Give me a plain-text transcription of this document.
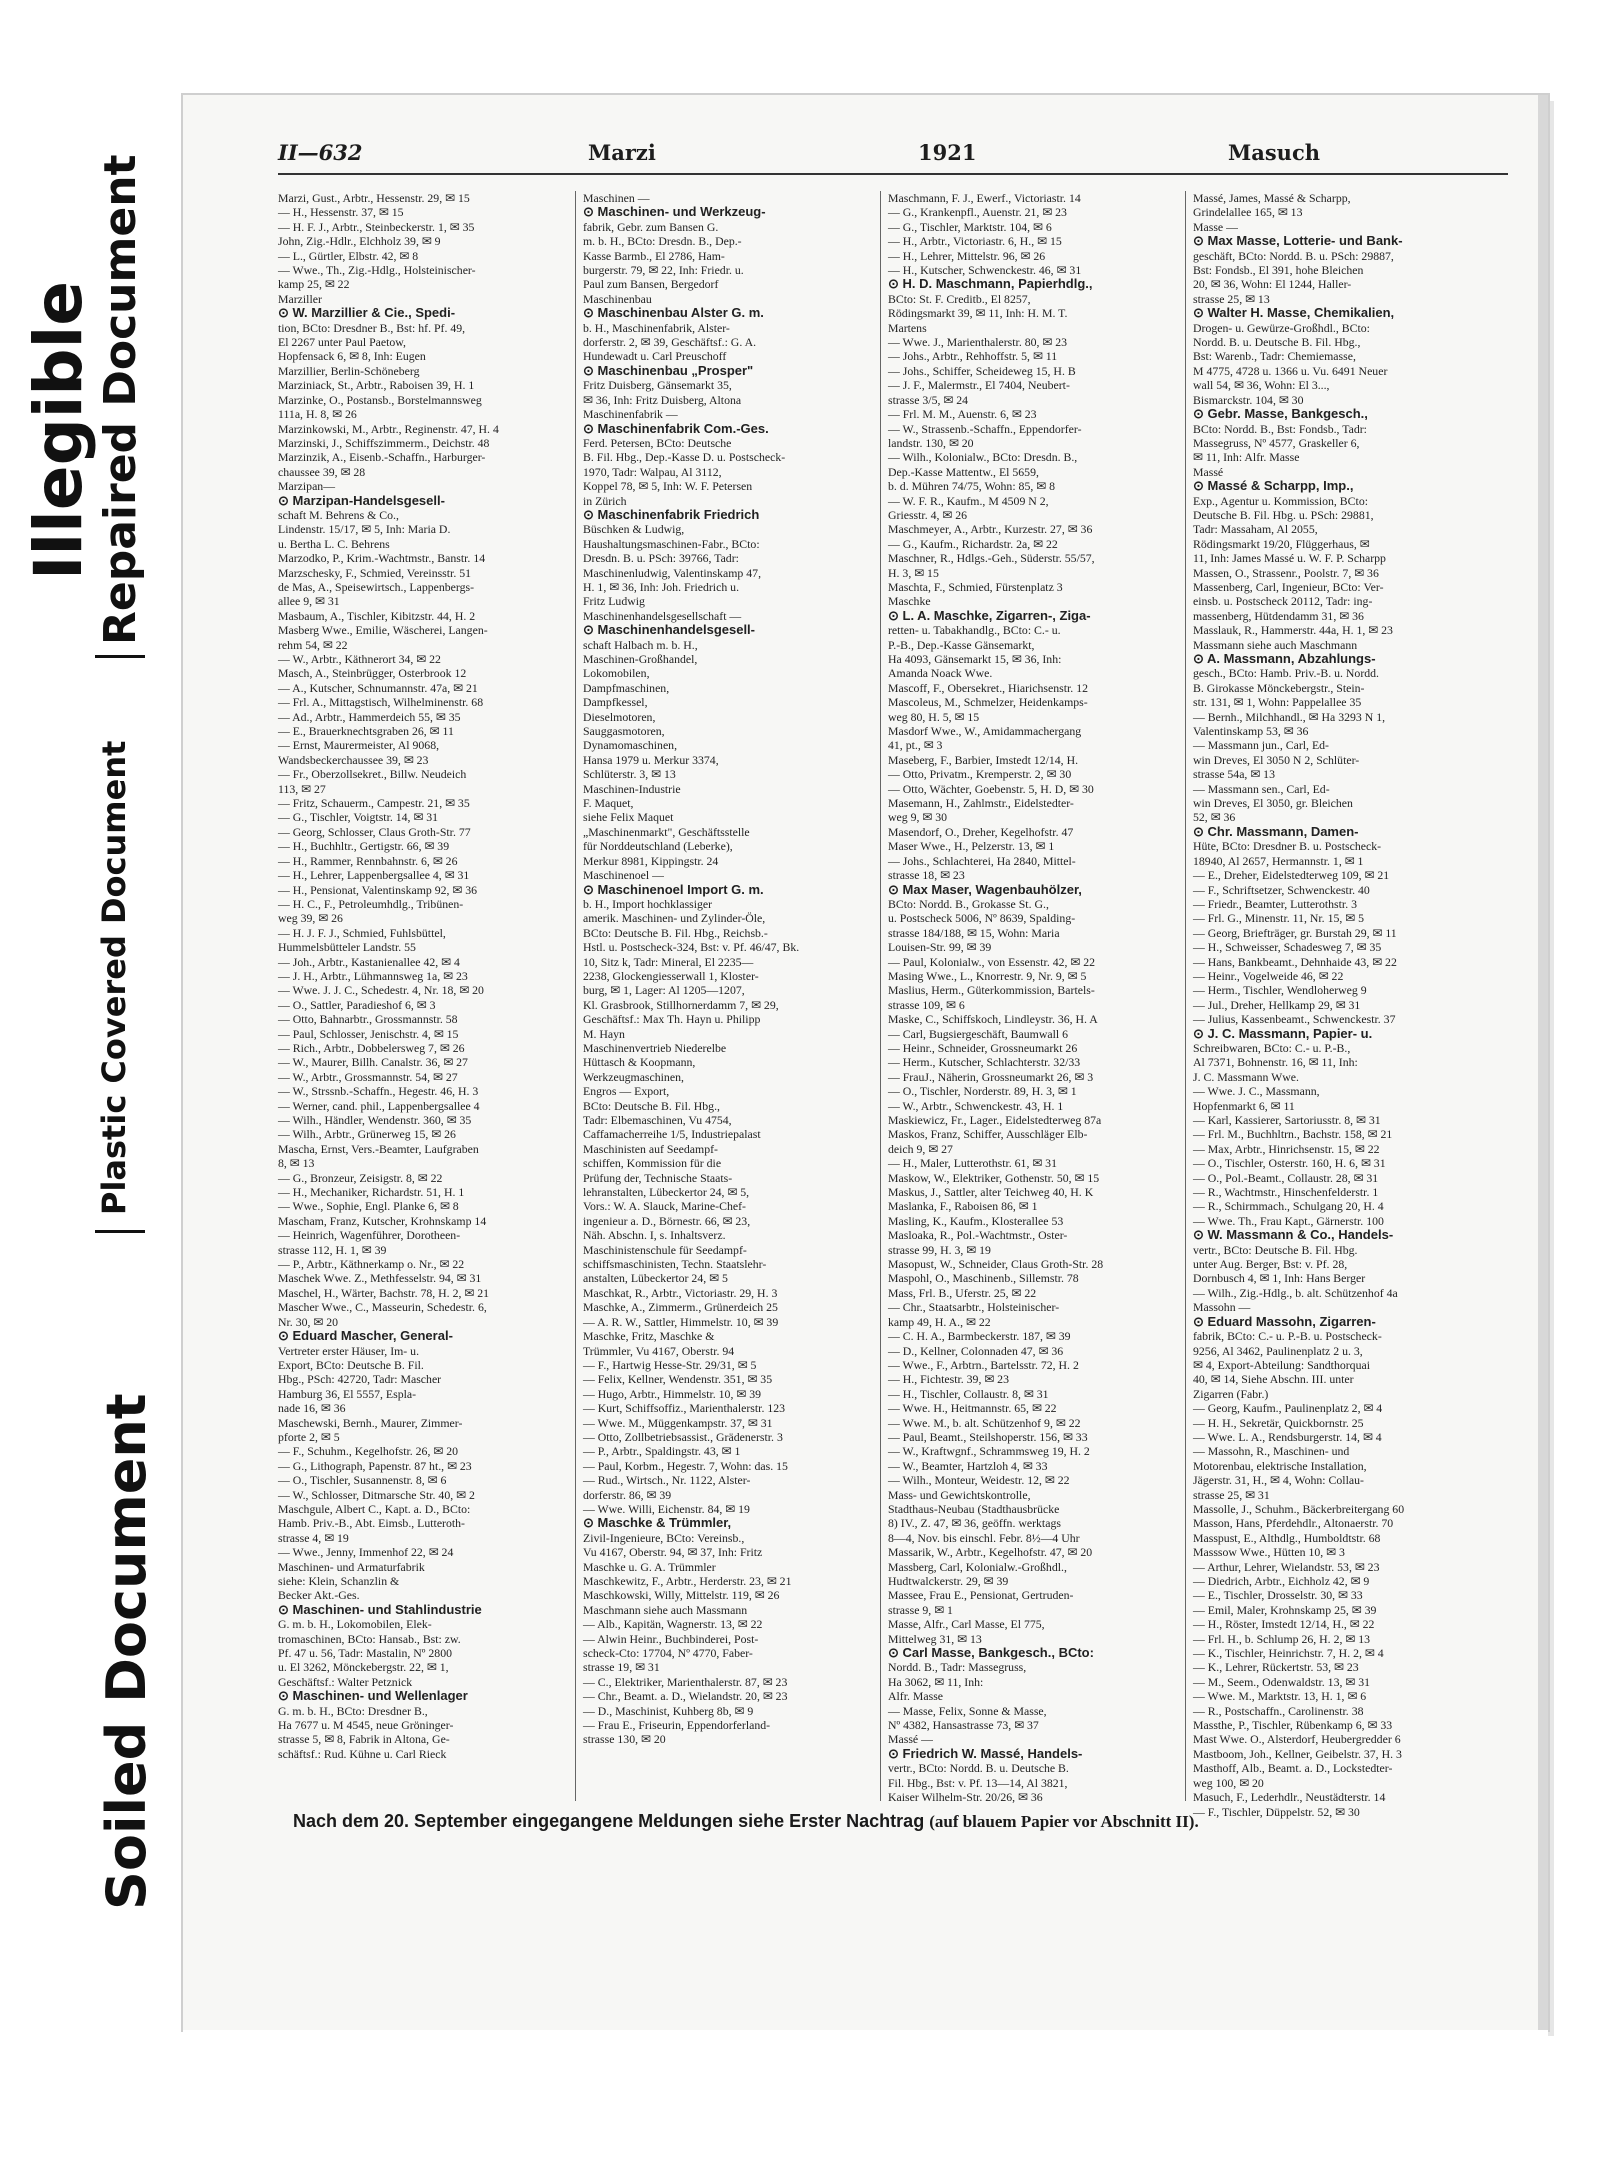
Illegible
Repaired Document
Plastic Covered Document
Soiled Document
II—632	Marzi	1921	Masuch
Marzi, Gust., Arbtr., Hessenstr. 29, ✉ 15
— H., Hessenstr. 37, ✉ 15
— H. F. J., Arbtr., Steinbeckerstr. 1, ✉ 35
John, Zig.-Hdlr., Elchholz 39, ✉ 9
— L., Gürtler, Elbstr. 42, ✉ 8
— Wwe., Th., Zig.-Hdlg., Holsteinischer-
kamp 25, ✉ 22
Marziller
⊙ W. Marzillier & Cie., Spedi-
tion, BCto: Dresdner B., Bst: hf. Pf. 49,
El 2267 unter Paul Paetow,
Hopfensack 6, ✉ 8, Inh: Eugen
Marzillier, Berlin-Schöneberg
Marziniack, St., Arbtr., Raboisen 39, H. 1
Marzinke, O., Postansb., Borstelmannsweg
111a, H. 8, ✉ 26
Marzinkowski, M., Arbtr., Reginenstr. 47, H. 4
Marzinski, J., Schiffszimmerm., Deichstr. 48
Marzinzik, A., Eisenb.-Schaffn., Harburger-
chaussee 39, ✉ 28
Marzipan—
⊙ Marzipan-Handelsgesell-
schaft M. Behrens & Co.,
Lindenstr. 15/17, ✉ 5, Inh: Maria D.
u. Bertha L. C. Behrens
Marzodko, P., Krim.-Wachtmstr., Banstr. 14
Marzschesky, F., Schmied, Vereinsstr. 51
de Mas, A., Speisewirtsch., Lappenbergs-
allee 9, ✉ 31
Masbaum, A., Tischler, Kibitzstr. 44, H. 2
Masberg Wwe., Emilie, Wäscherei, Langen-
rehm 54, ✉ 22
— W., Arbtr., Käthnerort 34, ✉ 22
Masch, A., Steinbrügger, Osterbrook 12
— A., Kutscher, Schnumannstr. 47a, ✉ 21
— Frl. A., Mittagstisch, Wilhelminenstr. 68
— Ad., Arbtr., Hammerdeich 55, ✉ 35
— E., Brauerknechtsgraben 26, ✉ 11
— Ernst, Maurermeister, Al 9068,
Wandsbeckerchaussee 39, ✉ 23
— Fr., Oberzollsekret., Billw. Neudeich
113, ✉ 27
— Fritz, Schauerm., Campestr. 21, ✉ 35
— G., Tischler, Voigtstr. 14, ✉ 31
— Georg, Schlosser, Claus Groth-Str. 77
— H., Buchhltr., Gertigstr. 66, ✉ 39
— H., Rammer, Rennbahnstr. 6, ✉ 26
— H., Lehrer, Lappenbergsallee 4, ✉ 31
— H., Pensionat, Valentinskamp 92, ✉ 36
— H. C., F., Petroleumhdlg., Tribünen-
weg 39, ✉ 26
— H. J. F. J., Schmied, Fuhlsbüttel,
Hummelsbütteler Landstr. 55
— Joh., Arbtr., Kastanienallee 42, ✉ 4
— J. H., Arbtr., Lühmannsweg 1a, ✉ 23
— Wwe. J. J. C., Schedestr. 4, Nr. 18, ✉ 20
— O., Sattler, Paradieshof 6, ✉ 3
— Otto, Bahnarbtr., Grossmannstr. 58
— Paul, Schlosser, Jenischstr. 4, ✉ 15
— Rich., Arbtr., Dobbelersweg 7, ✉ 26
— W., Maurer, Billh. Canalstr. 36, ✉ 27
— W., Arbtr., Grossmannstr. 54, ✉ 27
— W., Strssnb.-Schaffn., Hegestr. 46, H. 3
— Werner, cand. phil., Lappenbergsallee 4
— Wilh., Händler, Wendenstr. 360, ✉ 35
— Wilh., Arbtr., Grünerweg 15, ✉ 26
Mascha, Ernst, Vers.-Beamter, Laufgraben
8, ✉ 13
— G., Bronzeur, Zeisigstr. 8, ✉ 22
— H., Mechaniker, Richardstr. 51, H. 1
— Wwe., Sophie, Engl. Planke 6, ✉ 8
Mascham, Franz, Kutscher, Krohnskamp 14
— Heinrich, Wagenführer, Dorotheen-
strasse 112, H. 1, ✉ 39
— P., Arbtr., Käthnerkamp o. Nr., ✉ 22
Maschek Wwe. Z., Methfesselstr. 94, ✉ 31
Maschel, H., Wärter, Bachstr. 78, H. 2, ✉ 21
Mascher Wwe., C., Masseurin, Schedestr. 6,
Nr. 30, ✉ 20
⊙ Eduard Mascher, General-
Vertreter erster Häuser, Im- u.
Export, BCto: Deutsche B. Fil.
Hbg., PSch: 42720, Tadr: Mascher
Hamburg 36, El 5557, Espla-
nade 16, ✉ 36
Maschewski, Bernh., Maurer, Zimmer-
pforte 2, ✉ 5
— F., Schuhm., Kegelhofstr. 26, ✉ 20
— G., Lithograph, Papenstr. 87 ht., ✉ 23
— O., Tischler, Susannenstr. 8, ✉ 6
— W., Schlosser, Ditmarsche Str. 40, ✉ 2
Maschgule, Albert C., Kapt. a. D., BCto:
Hamb. Priv.-B., Abt. Eimsb., Lutteroth-
strasse 4, ✉ 19
— Wwe., Jenny, Immenhof 22, ✉ 24
Maschinen- und Armaturfabrik
siehe: Klein, Schanzlin &
Becker Akt.-Ges.
⊙ Maschinen- und Stahlindustrie
G. m. b. H., Lokomobilen, Elek-
tromaschinen, BCto: Hansab., Bst: zw.
Pf. 47 u. 56, Tadr: Mastalin, Nº 2800
u. El 3262, Mönckebergstr. 22, ✉ 1,
Geschäftsf.: Walter Petznick
⊙ Maschinen- und Wellenlager
G. m. b. H., BCto: Dresdner B.,
Ha 7677 u. M 4545, neue Gröninger-
strasse 5, ✉ 8, Fabrik in Altona, Ge-
schäftsf.: Rud. Kühne u. Carl Rieck
Maschinen —
⊙ Maschinen- und Werkzeug-
fabrik, Gebr. zum Bansen G.
m. b. H., BCto: Dresdn. B., Dep.-
Kasse Barmb., El 2786, Ham-
burgerstr. 79, ✉ 22, Inh: Friedr. u.
Paul zum Bansen, Bergedorf
Maschinenbau
⊙ Maschinenbau Alster G. m.
b. H., Maschinenfabrik, Alster-
dorferstr. 2, ✉ 39, Geschäftsf.: G. A.
Hundewadt u. Carl Preuschoff
⊙ Maschinenbau „Prosper"
Fritz Duisberg, Gänsemarkt 35,
✉ 36, Inh: Fritz Duisberg, Altona
Maschinenfabrik —
⊙ Maschinenfabrik Com.-Ges.
Ferd. Petersen, BCto: Deutsche
B. Fil. Hbg., Dep.-Kasse D. u. Postscheck-
1970, Tadr: Walpau, Al 3112,
Koppel 78, ✉ 5, Inh: W. F. Petersen
in Zürich
⊙ Maschinenfabrik Friedrich
Büschken & Ludwig,
Haushaltungsmaschinen-Fabr., BCto:
Dresdn. B. u. PSch: 39766, Tadr:
Maschinenludwig, Valentinskamp 47,
H. 1, ✉ 36, Inh: Joh. Friedrich u.
Fritz Ludwig
Maschinenhandelsgesellschaft —
⊙ Maschinenhandelsgesell-
schaft Halbach m. b. H.,
Maschinen-Großhandel,
Lokomobilen,
Dampfmaschinen,
Dampfkessel,
Dieselmotoren,
Sauggasmotoren,
Dynamomaschinen,
Hansa 1979 u. Merkur 3374,
Schlüterstr. 3, ✉ 13
Maschinen-Industrie
F. Maquet,
siehe Felix Maquet
„Maschinenmarkt", Geschäftsstelle
für Norddeutschland (Leberke),
Merkur 8981, Kippingstr. 24
Maschinenoel —
⊙ Maschinenoel Import G. m.
b. H., Import hochklassiger
amerik. Maschinen- und Zylinder-Öle,
BCto: Deutsche B. Fil. Hbg., Reichsb.-
Hstl. u. Postscheck-324, Bst: v. Pf. 46/47, Bk.
10, Sitz k, Tadr: Mineral, El 2235—
2238, Glockengiesserwall 1, Kloster-
burg, ✉ 1, Lager: Al 1205—1207,
Kl. Grasbrook, Stillhornerdamm 7, ✉ 29,
Geschäftsf.: Max Th. Hayn u. Philipp
M. Hayn
Maschinenvertrieb Niederelbe
Hüttasch & Koopmann,
Werkzeugmaschinen,
Engros — Export,
BCto: Deutsche B. Fil. Hbg.,
Tadr: Elbemaschinen, Vu 4754,
Caffamacherreihe 1/5, Industriepalast
Maschinisten auf Seedampf-
schiffen, Kommission für die
Prüfung der, Technische Staats-
lehranstalten, Lübeckertor 24, ✉ 5,
Vors.: W. A. Slauck, Marine-Chef-
ingenieur a. D., Börnestr. 66, ✉ 23,
Näh. Abschn. I, s. Inhaltsverz.
Maschinistenschule für Seedampf-
schiffsmaschinisten, Techn. Staatslehr-
anstalten, Lübeckertor 24, ✉ 5
Maschkat, R., Arbtr., Victoriastr. 29, H. 3
Maschke, A., Zimmerm., Grünerdeich 25
— A. R. W., Sattler, Himmelstr. 10, ✉ 39
Maschke, Fritz, Maschke &
Trümmler, Vu 4167, Oberstr. 94
— F., Hartwig Hesse-Str. 29/31, ✉ 5
— Felix, Kellner, Wendenstr. 351, ✉ 35
— Hugo, Arbtr., Himmelstr. 10, ✉ 39
— Kurt, Schiffsoffiz., Marienthalerstr. 123
— Wwe. M., Müggenkampstr. 37, ✉ 31
— Otto, Zollbetriebsassist., Grädenerstr. 3
— P., Arbtr., Spaldingstr. 43, ✉ 1
— Paul, Korbm., Hegestr. 7, Wohn: das. 15
— Rud., Wirtsch., Nr. 1122, Alster-
dorferstr. 86, ✉ 39
— Wwe. Willi, Eichenstr. 84, ✉ 19
⊙ Maschke & Trümmler,
Zivil-Ingenieure, BCto: Vereinsb.,
Vu 4167, Oberstr. 94, ✉ 37, Inh: Fritz
Maschke u. G. A. Trümmler
Maschkewitz, F., Arbtr., Herderstr. 23, ✉ 21
Maschkowski, Willy, Mittelstr. 119, ✉ 26
Maschmann siehe auch Massmann
— Alb., Kapitän, Wagnerstr. 13, ✉ 22
— Alwin Heinr., Buchbinderei, Post-
scheck-Cto: 17704, Nº 4770, Faber-
strasse 19, ✉ 31
— C., Elektriker, Marienthalerstr. 87, ✉ 23
— Chr., Beamt. a. D., Wielandstr. 20, ✉ 23
— D., Maschinist, Kuhberg 8b, ✉ 9
— Frau E., Friseurin, Eppendorferland-
strasse 130, ✉ 20
Maschmann, F. J., Ewerf., Victoriastr. 14
— G., Krankenpfl., Auenstr. 21, ✉ 23
— G., Tischler, Marktstr. 104, ✉ 6
— H., Arbtr., Victoriastr. 6, H., ✉ 15
— H., Lehrer, Mittelstr. 96, ✉ 26
— H., Kutscher, Schwenckestr. 46, ✉ 31
⊙ H. D. Maschmann, Papierhdlg.,
BCto: St. F. Creditb., El 8257,
Rödingsmarkt 39, ✉ 11, Inh: H. M. T.
Martens
— Wwe. J., Marienthalerstr. 80, ✉ 23
— Johs., Arbtr., Rehhoffstr. 5, ✉ 11
— Johs., Schiffer, Scheideweg 15, H. B
— J. F., Malermstr., El 7404, Neubert-
strasse 3/5, ✉ 24
— Frl. M. M., Auenstr. 6, ✉ 23
— W., Strassenb.-Schaffn., Eppendorfer-
landstr. 130, ✉ 20
— Wilh., Kolonialw., BCto: Dresdn. B.,
Dep.-Kasse Mattentw., El 5659,
b. d. Mühren 74/75, Wohn: 85, ✉ 8
— W. F. R., Kaufm., M 4509 N 2,
Griesstr. 4, ✉ 26
Maschmeyer, A., Arbtr., Kurzestr. 27, ✉ 36
— G., Kaufm., Richardstr. 2a, ✉ 22
Maschner, R., Hdlgs.-Geh., Süderstr. 55/57,
H. 3, ✉ 15
Maschta, F., Schmied, Fürstenplatz 3
Maschke
⊙ L. A. Maschke, Zigarren-, Ziga-
retten- u. Tabakhandlg., BCto: C.- u.
P.-B., Dep.-Kasse Gänsemarkt,
Ha 4093, Gänsemarkt 15, ✉ 36, Inh:
Amanda Noack Wwe.
Mascoff, F., Obersekret., Hiarichsenstr. 12
Mascoleus, M., Schmelzer, Heidenkamps-
weg 80, H. 5, ✉ 15
Masdorf Wwe., W., Amidammachergang
41, pt., ✉ 3
Maseberg, F., Barbier, Imstedt 12/14, H.
— Otto, Privatm., Kremperstr. 2, ✉ 30
— Otto, Wächter, Goebenstr. 5, H. D, ✉ 30
Masemann, H., Zahlmstr., Eidelstedter-
weg 9, ✉ 30
Masendorf, O., Dreher, Kegelhofstr. 47
Maser Wwe., H., Pelzerstr. 13, ✉ 1
— Johs., Schlachterei, Ha 2840, Mittel-
strasse 18, ✉ 23
⊙ Max Maser, Wagenbauhölzer,
BCto: Nordd. B., Grokasse St. G.,
u. Postscheck 5006, Nº 8639, Spalding-
strasse 184/188, ✉ 15, Wohn: Maria
Louisen-Str. 99, ✉ 39
— Paul, Kolonialw., von Essenstr. 42, ✉ 22
Masing Wwe., L., Knorrestr. 9, Nr. 9, ✉ 5
Maslius, Herm., Güterkommission, Bartels-
strasse 109, ✉ 6
Maske, C., Schiffskoch, Lindleystr. 36, H. A
— Carl, Bugsiergeschäft, Baumwall 6
— Heinr., Schneider, Grossneumarkt 26
— Herm., Kutscher, Schlachterstr. 32/33
— FrauJ., Näherin, Grossneumarkt 26, ✉ 3
— O., Tischler, Norderstr. 89, H. 3, ✉ 1
— W., Arbtr., Schwenckestr. 43, H. 1
Maskiewicz, Fr., Lager., Eidelstedterweg 87a
Maskos, Franz, Schiffer, Ausschläger Elb-
deich 9, ✉ 27
— H., Maler, Lutterothstr. 61, ✉ 31
Maskow, W., Elektriker, Gothenstr. 50, ✉ 15
Maskus, J., Sattler, alter Teichweg 40, H. K
Maslanka, F., Raboisen 86, ✉ 1
Masling, K., Kaufm., Klosterallee 53
Masloaka, R., Pol.-Wachtmstr., Oster-
strasse 99, H. 3, ✉ 19
Masopust, W., Schneider, Claus Groth-Str. 28
Maspohl, O., Maschinenb., Sillemstr. 78
Mass, Frl. B., Uferstr. 25, ✉ 22
— Chr., Staatsarbtr., Holsteinischer-
kamp 49, H. A., ✉ 22
— C. H. A., Barmbeckerstr. 187, ✉ 39
— D., Kellner, Colonnaden 47, ✉ 36
— Wwe., F., Arbtrn., Bartelsstr. 72, H. 2
— H., Fichtestr. 39, ✉ 23
— H., Tischler, Collaustr. 8, ✉ 31
— Wwe. H., Heitmannstr. 65, ✉ 22
— Wwe. M., b. alt. Schützenhof 9, ✉ 22
— Paul, Beamt., Steilshoperstr. 156, ✉ 33
— W., Kraftwgnf., Schrammsweg 19, H. 2
— W., Beamter, Hartzloh 4, ✉ 33
— Wilh., Monteur, Weidestr. 12, ✉ 22
Mass- und Gewichtskontrolle,
Stadthaus-Neubau (Stadthausbrücke
8) IV., Z. 47, ✉ 36, geöffn. werktags
8—4, Nov. bis einschl. Febr. 8½—4 Uhr
Massarik, W., Arbtr., Kegelhofstr. 47, ✉ 20
Massberg, Carl, Kolonialw.-Großhdl.,
Hudtwalckerstr. 29, ✉ 39
Massee, Frau E., Pensionat, Gertruden-
strasse 9, ✉ 1
Masse, Alfr., Carl Masse, El 775,
Mittelweg 31, ✉ 13
⊙ Carl Masse, Bankgesch., BCto:
Nordd. B., Tadr: Massegruss,
Ha 3062, ✉ 11, Inh:
Alfr. Masse
— Masse, Felix, Sonne & Masse,
Nº 4382, Hansastrasse 73, ✉ 37
Massé —
⊙ Friedrich W. Massé, Handels-
vertr., BCto: Nordd. B. u. Deutsche B.
Fil. Hbg., Bst: v. Pf. 13—14, Al 3821,
Kaiser Wilhelm-Str. 20/26, ✉ 36
Massé, James, Massé & Scharpp,
Grindelallee 165, ✉ 13
Masse —
⊙ Max Masse, Lotterie- und Bank-
geschäft, BCto: Nordd. B. u. PSch: 29887,
Bst: Fondsb., El 391, hohe Bleichen
20, ✉ 36, Wohn: El 1244, Haller-
strasse 25, ✉ 13
⊙ Walter H. Masse, Chemikalien,
Drogen- u. Gewürze-Großhdl., BCto:
Nordd. B. u. Deutsche B. Fil. Hbg.,
Bst: Warenb., Tadr: Chemiemasse,
M 4775, 4728 u. 1366 u. Vu. 6491 Neuer
wall 54, ✉ 36, Wohn: El 3...,
Bismarckstr. 104, ✉ 30
⊙ Gebr. Masse, Bankgesch.,
BCto: Nordd. B., Bst: Fondsb., Tadr:
Massegruss, Nº 4577, Graskeller 6,
✉ 11, Inh: Alfr. Masse
Massé
⊙ Massé & Scharpp, Imp.,
Exp., Agentur u. Kommission, BCto:
Deutsche B. Fil. Hbg. u. PSch: 29881,
Tadr: Massaham, Al 2055,
Rödingsmarkt 19/20, Flüggerhaus, ✉
11, Inh: James Massé u. W. F. P. Scharpp
Massen, O., Strassenr., Poolstr. 7, ✉ 36
Massenberg, Carl, Ingenieur, BCto: Ver-
einsb. u. Postscheck 20112, Tadr: ing-
massenberg, Hütdendamm 31, ✉ 36
Masslauk, R., Hammerstr. 44a, H. 1, ✉ 23
Massmann siehe auch Maschmann
⊙ A. Massmann, Abzahlungs-
gesch., BCto: Hamb. Priv.-B. u. Nordd.
B. Girokasse Mönckebergstr., Stein-
str. 131, ✉ 1, Wohn: Pappelallee 35
— Bernh., Milchhandl., ✉ Ha 3293 N 1,
Valentinskamp 53, ✉ 36
— Massmann jun., Carl, Ed-
win Dreves, El 3050 N 2, Schlüter-
strasse 54a, ✉ 13
— Massmann sen., Carl, Ed-
win Dreves, El 3050, gr. Bleichen
52, ✉ 36
⊙ Chr. Massmann, Damen-
Hüte, BCto: Dresdner B. u. Postscheck-
18940, Al 2657, Hermannstr. 1, ✉ 1
— E., Dreher, Eidelstedterweg 109, ✉ 21
— F., Schriftsetzer, Schwenckestr. 40
— Friedr., Beamter, Lutterothstr. 3
— Frl. G., Minenstr. 11, Nr. 15, ✉ 5
— Georg, Briefträger, gr. Burstah 29, ✉ 11
— H., Schweisser, Schadesweg 7, ✉ 35
— Hans, Bankbeamt., Dehnhaide 43, ✉ 22
— Heinr., Vogelweide 46, ✉ 22
— Herm., Tischler, Wendloherweg 9
— Jul., Dreher, Hellkamp 29, ✉ 31
— Julius, Kassenbeamt., Schwenckestr. 37
⊙ J. C. Massmann, Papier- u.
Schreibwaren, BCto: C.- u. P.-B.,
Al 7371, Bohnenstr. 16, ✉ 11, Inh:
J. C. Massmann Wwe.
— Wwe. J. C., Massmann,
Hopfenmarkt 6, ✉ 11
— Karl, Kassierer, Sartoriusstr. 8, ✉ 31
— Frl. M., Buchhltrn., Bachstr. 158, ✉ 21
— Max, Arbtr., Hinrichsenstr. 15, ✉ 22
— O., Tischler, Osterstr. 160, H. 6, ✉ 31
— O., Pol.-Beamt., Collaustr. 28, ✉ 31
— R., Wachtmstr., Hinschenfelderstr. 1
— R., Schirmmach., Schulgang 20, H. 4
— Wwe. Th., Frau Kapt., Gärnerstr. 100
⊙ W. Massmann & Co., Handels-
vertr., BCto: Deutsche B. Fil. Hbg.
unter Aug. Berger, Bst: v. Pf. 28,
Dornbusch 4, ✉ 1, Inh: Hans Berger
— Wilh., Zig.-Hdlg., b. alt. Schützenhof 4a
Massohn —
⊙ Eduard Massohn, Zigarren-
fabrik, BCto: C.- u. P.-B. u. Postscheck-
9256, Al 3462, Paulinenplatz 2 u. 3,
✉ 4, Export-Abteilung: Sandthorquai
40, ✉ 14, Siehe Abschn. III. unter
Zigarren (Fabr.)
— Georg, Kaufm., Paulinenplatz 2, ✉ 4
— H. H., Sekretär, Quickbornstr. 25
— Wwe. L. A., Rendsburgerstr. 14, ✉ 4
— Massohn, R., Maschinen- und
Motorenbau, elektrische Installation,
Jägerstr. 31, H., ✉ 4, Wohn: Collau-
strasse 25, ✉ 31
Massolle, J., Schuhm., Bäckerbreitergang 60
Masson, Hans, Pferdehdlr., Altonaerstr. 70
Masspust, E., Althdlg., Humboldtstr. 68
Masssow Wwe., Hütten 10, ✉ 3
— Arthur, Lehrer, Wielandstr. 53, ✉ 23
— Diedrich, Arbtr., Eichholz 42, ✉ 9
— E., Tischler, Drosselstr. 30, ✉ 33
— Emil, Maler, Krohnskamp 25, ✉ 39
— H., Röster, Imstedt 12/14, H., ✉ 22
— Frl. H., b. Schlump 26, H. 2, ✉ 13
— K., Tischler, Heinrichstr. 7, H. 2, ✉ 4
— K., Lehrer, Rückertstr. 53, ✉ 23
— M., Seem., Odenwaldstr. 13, ✉ 31
— Wwe. M., Marktstr. 13, H. 1, ✉ 6
— R., Postschaffn., Carolinenstr. 38
Massthe, P., Tischler, Rübenkamp 6, ✉ 33
Mast Wwe. O., Alsterdorf, Heubergredder 6
Mastboom, Joh., Kellner, Geibelstr. 37, H. 3
Masthoff, Alb., Beamt. a. D., Lockstedter-
weg 100, ✉ 20
Masuch, F., Lederhdlr., Neustädterstr. 14
— F., Tischler, Düppelstr. 52, ✉ 30
Nach dem 20. September eingegangene Meldungen siehe Erster Nachtrag (auf blauem Papier vor Abschnitt II).
